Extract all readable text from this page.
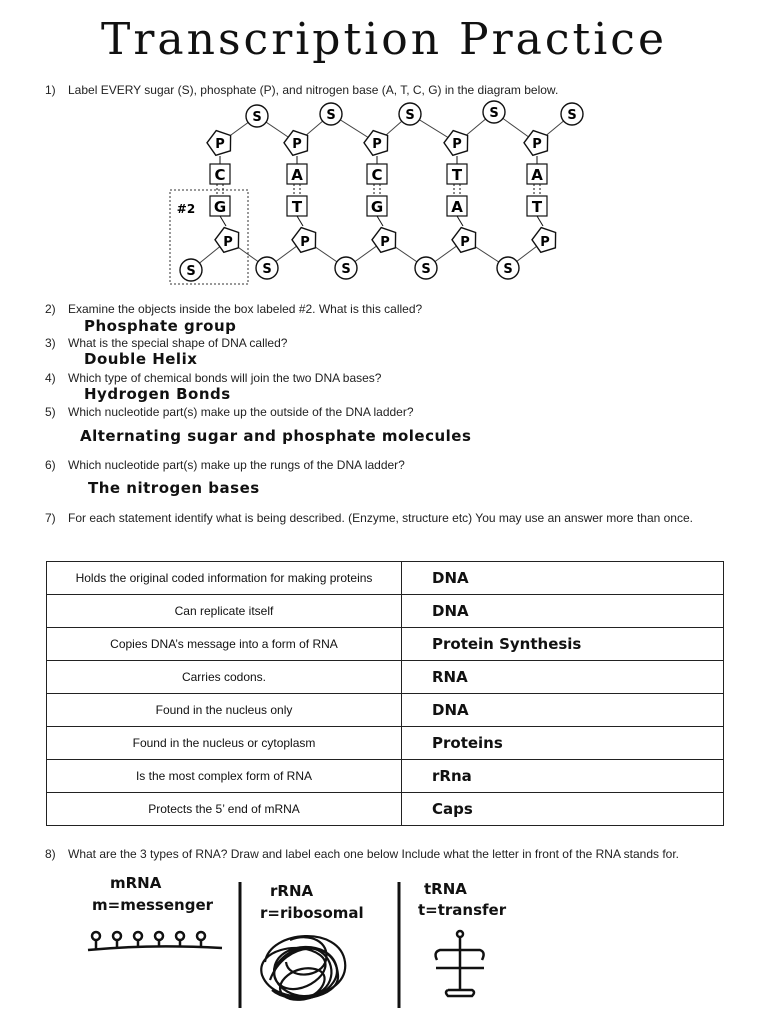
Transcription Practice
1) Label EVERY sugar (S), phosphate (P), and nitrogen base (A, T, C, G) in the diagram below.
#2
P
C
G
P
P
A
T
P
P
C
G
P
P
T
A
P
P
A
T
P
S	S	S	S	S
S	S	S	S	S
2) Examine the objects inside the box labeled #2. What is this called?
Phosphate group
3) What is the special shape of DNA called?
Double Helix
4) Which type of chemical bonds will join the two DNA bases?
Hydrogen Bonds
5) Which nucleotide part(s) make up the outside of the DNA ladder?
Alternating sugar and phosphate molecules
6) Which nucleotide part(s) make up the rungs of the DNA ladder?
The nitrogen bases
7) For each statement identify what is being described. (Enzyme, structure etc) You may use an answer more than once.
Holds the original coded information for making proteins	DNA
Can replicate itself	DNA
Copies DNA’s message into a form of RNA	Protein Synthesis
Carries codons.	RNA
Found in the nucleus only	DNA
Found in the nucleus or cytoplasm	Proteins
Is the most complex form of RNA	rRna
Protects the 5’ end of mRNA	Caps
8) What are the 3 types of RNA? Draw and label each one below Include what the letter in front of the RNA stands for.
mRNA
m=messenger
rRNA
r=ribosomal
tRNA
t=transfer
